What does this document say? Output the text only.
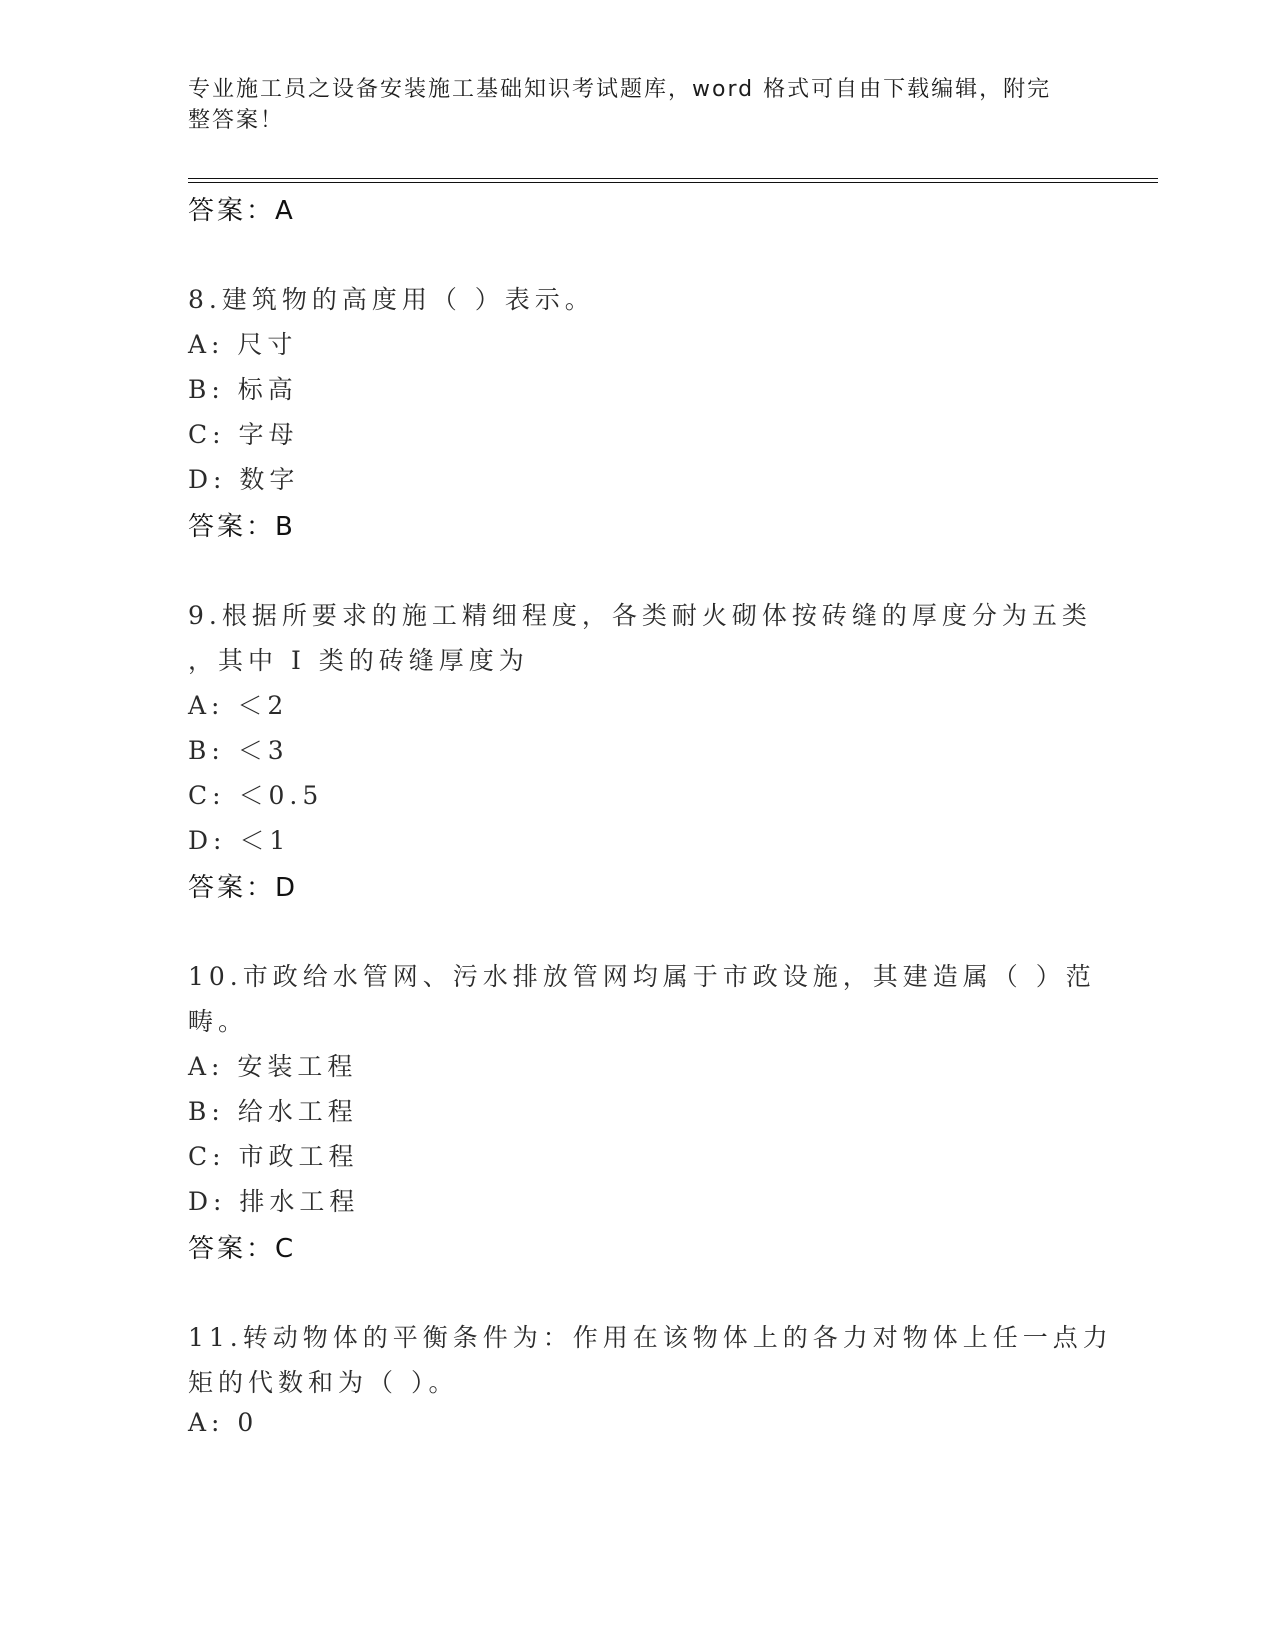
专业施工员之设备安装施工基础知识考试题库，word 格式可自由下载编辑，附完
整答案！
答案：A
8.建筑物的高度用（ ）表示。
A: 尺寸
B: 标高
C: 字母
D: 数字
答案：B
9.根据所要求的施工精细程度，各类耐火砌体按砖缝的厚度分为五类
，其中 I 类的砖缝厚度为
A: ＜2
B: ＜3
C: ＜0.5
D: ＜1
答案：D
10.市政给水管网、污水排放管网均属于市政设施，其建造属（ ）范
畴。
A: 安装工程
B: 给水工程
C: 市政工程
D: 排水工程
答案：C
11.转动物体的平衡条件为：作用在该物体上的各力对物体上任一点力
矩的代数和为（ ）。
A: 0
